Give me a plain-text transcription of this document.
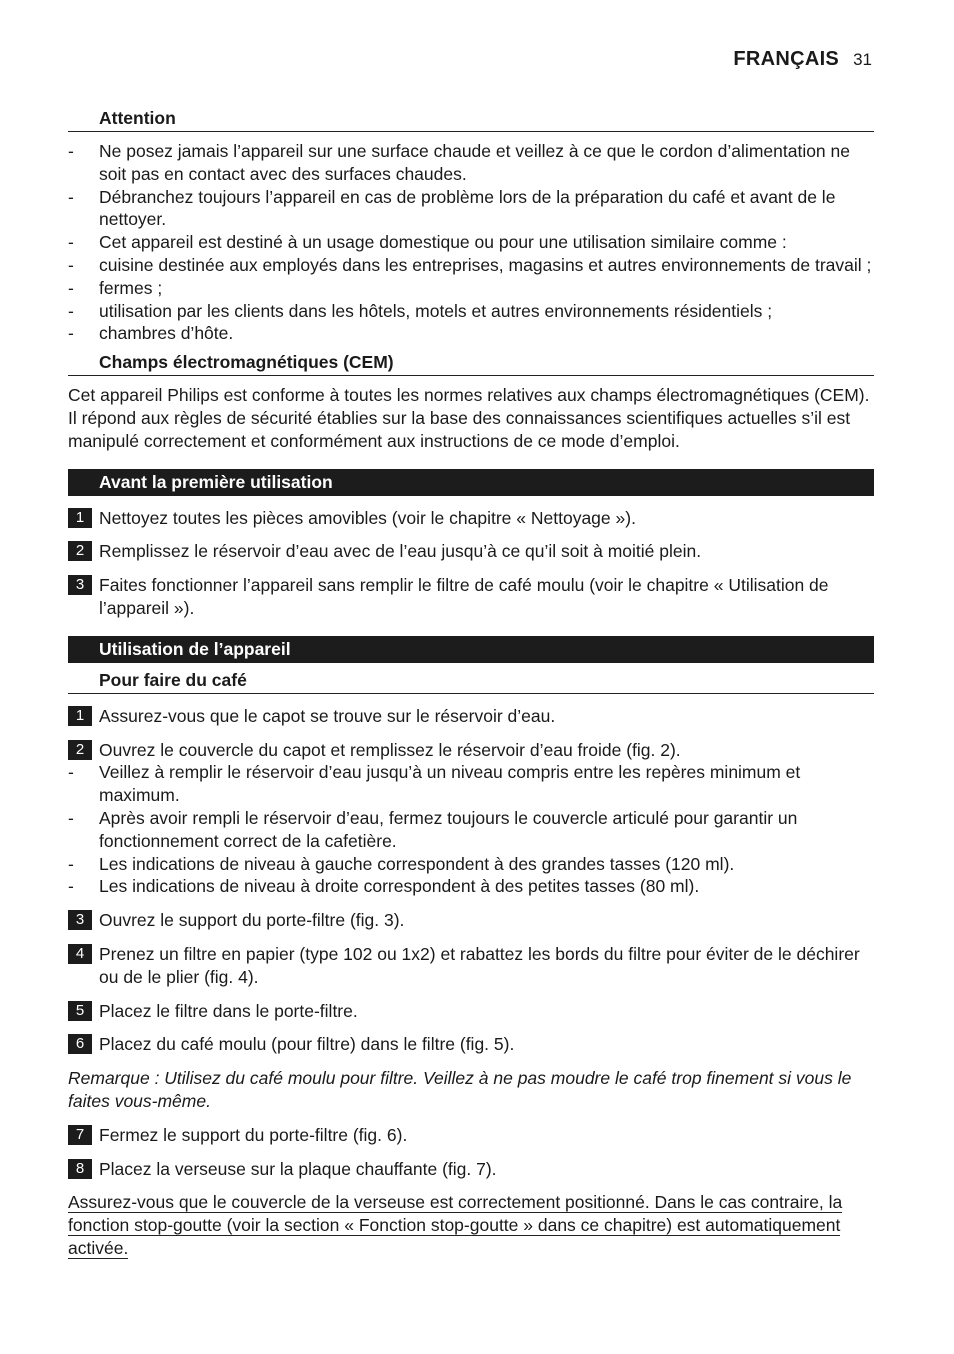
FRANÇAIS 31
Attention
-	Ne posez jamais l’appareil sur une surface chaude et veillez à ce que le cordon d’alimentation ne soit pas en contact avec des surfaces chaudes.
-	Débranchez toujours l’appareil en cas de problème lors de la préparation du café et avant de le nettoyer.
-	Cet appareil est destiné à un usage domestique ou pour une utilisation similaire comme :
-	cuisine destinée aux employés dans les entreprises, magasins et autres environnements de travail ;
-	fermes ;
-	utilisation par les clients dans les hôtels, motels et autres environnements résidentiels ;
-	chambres d’hôte.
Champs électromagnétiques (CEM)
Cet appareil Philips est conforme à toutes les normes relatives aux champs électromagnétiques (CEM). Il répond aux règles de sécurité établies sur la base des connaissances scientifiques actuelles s’il est manipulé correctement et conformément aux instructions de ce mode d’emploi.
Avant la première utilisation
1 Nettoyez toutes les pièces amovibles (voir le chapitre « Nettoyage »).
2 Remplissez le réservoir d’eau avec de l’eau jusqu’à ce qu’il soit à moitié plein.
3 Faites fonctionner l’appareil sans remplir le filtre de café moulu (voir le chapitre « Utilisation de l’appareil »).
Utilisation de l’appareil
Pour faire du café
1 Assurez-vous que le capot se trouve sur le réservoir d’eau.
2 Ouvrez le couvercle du capot et remplissez le réservoir d’eau froide (fig. 2).
-	Veillez à remplir le réservoir d’eau jusqu’à un niveau compris entre les repères minimum et maximum.
-	Après avoir rempli le réservoir d’eau, fermez toujours le couvercle articulé pour garantir un fonctionnement correct de la cafetière.
-	Les indications de niveau à gauche correspondent à des grandes tasses (120 ml).
-	Les indications de niveau à droite correspondent à des petites tasses (80 ml).
3 Ouvrez le support du porte-filtre (fig. 3).
4 Prenez un filtre en papier (type 102 ou 1x2) et rabattez les bords du filtre pour éviter de le déchirer ou de le plier (fig. 4).
5 Placez le filtre dans le porte-filtre.
6 Placez du café moulu (pour filtre) dans le filtre (fig. 5).
Remarque : Utilisez du café moulu pour filtre. Veillez à ne pas moudre le café trop finement si vous le faites vous-même.
7 Fermez le support du porte-filtre (fig. 6).
8 Placez la verseuse sur la plaque chauffante (fig. 7).
Assurez-vous que le couvercle de la verseuse est correctement positionné. Dans le cas contraire, la fonction stop-goutte (voir la section « Fonction stop-goutte » dans ce chapitre) est automatiquement activée.
